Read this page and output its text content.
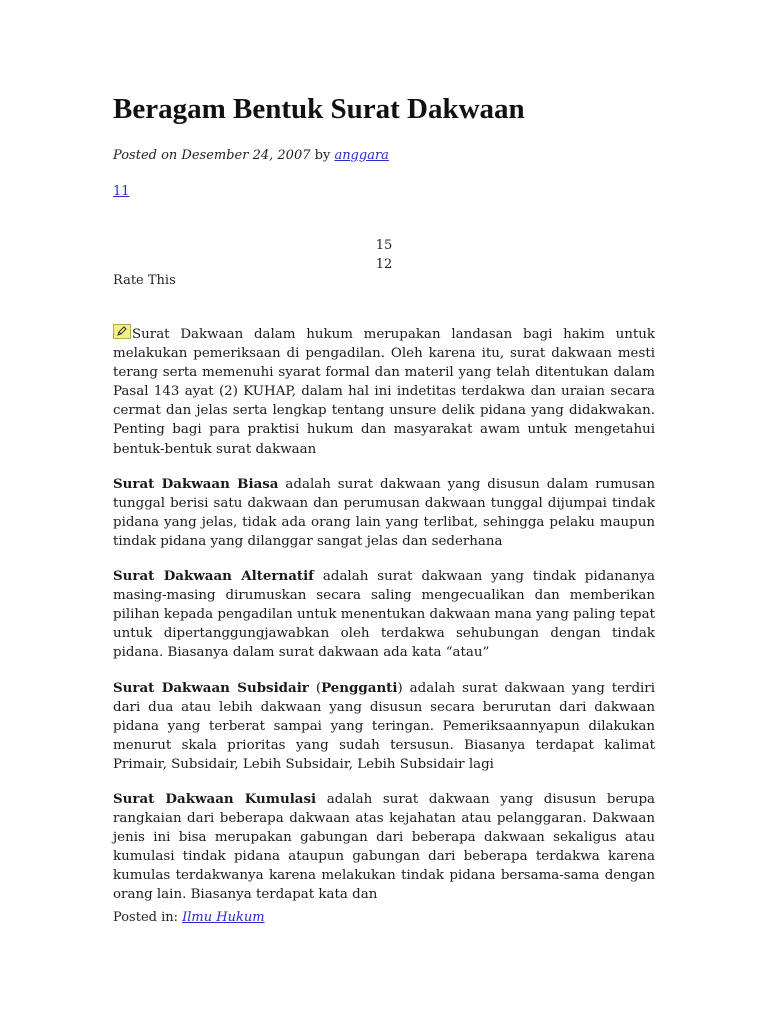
Beragam Bentuk Surat Dakwaan
Posted on Desember 24, 2007 by anggara
11
15
12
Rate This

Surat Dakwaan dalam hukum merupakan landasan bagi hakim untuk melakukan pemeriksaan di pengadilan. Oleh karena itu, surat dakwaan mesti terang serta memenuhi syarat formal dan materil yang telah ditentukan dalam Pasal 143 ayat (2) KUHAP, dalam hal ini indetitas terdakwa dan uraian secara cermat dan jelas serta lengkap tentang unsure delik pidana yang didakwakan. Penting bagi para praktisi hukum dan masyarakat awam untuk mengetahui bentuk-bentuk surat dakwaan

Surat Dakwaan Biasa adalah surat dakwaan yang disusun dalam rumusan tunggal berisi satu dakwaan dan perumusan dakwaan tunggal dijumpai tindak pidana yang jelas, tidak ada orang lain yang terlibat, sehingga pelaku maupun tindak pidana yang dilanggar sangat jelas dan sederhana

Surat Dakwaan Alternatif adalah surat dakwaan yang tindak pidananya masing-masing dirumuskan secara saling mengecualikan dan memberikan pilihan kepada pengadilan untuk menentukan dakwaan mana yang paling tepat untuk dipertanggungjawabkan oleh terdakwa sehubungan dengan tindak pidana. Biasanya dalam surat dakwaan ada kata “atau”

Surat Dakwaan Subsidair (Pengganti) adalah surat dakwaan yang terdiri dari dua atau lebih dakwaan yang disusun secara berurutan dari dakwaan pidana yang terberat sampai yang teringan. Pemeriksaannyapun dilakukan menurut skala prioritas yang sudah tersusun. Biasanya terdapat kalimat Primair, Subsidair, Lebih Subsidair, Lebih Subsidair lagi

Surat Dakwaan Kumulasi adalah surat dakwaan yang disusun berupa rangkaian dari beberapa dakwaan atas kejahatan atau pelanggaran. Dakwaan jenis ini bisa merupakan gabungan dari beberapa dakwaan sekaligus atau kumulasi tindak pidana ataupun gabungan dari beberapa terdakwa karena kumulas terdakwanya karena melakukan tindak pidana bersama-sama dengan orang lain. Biasanya terdapat kata dan

Posted in: Ilmu Hukum
